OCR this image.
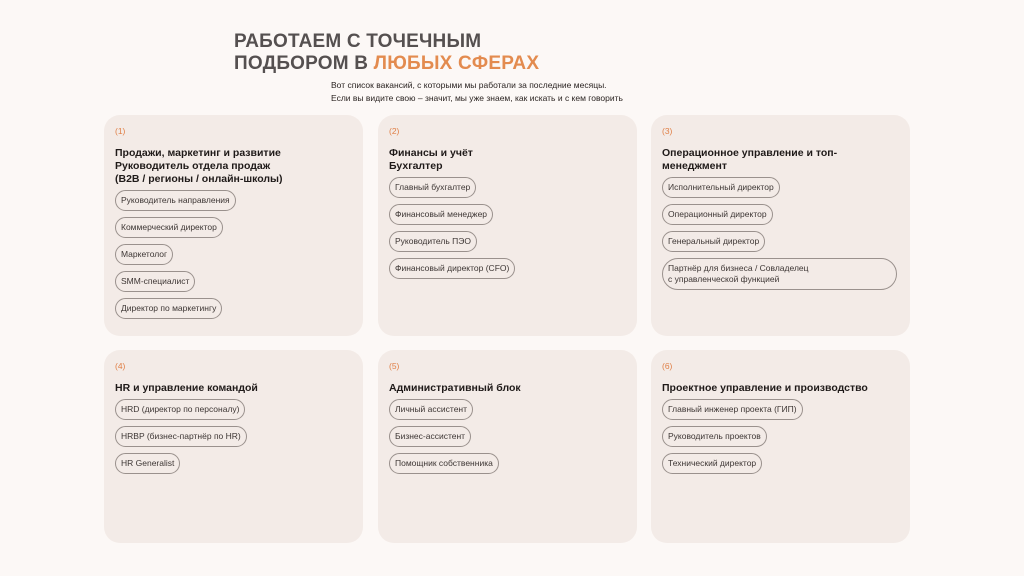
РАБОТАЕМ С ТОЧЕЧНЫМ
ПОДБОРОМ В ЛЮБЫХ СФЕРАХ
Вот список вакансий, с которыми мы работали за последние месяцы.
Если вы видите свою – значит, мы уже знаем, как искать и с кем говорить
(1)
Продажи, маркетинг и развитие
Руководитель отдела продаж
(B2B / регионы / онлайн-школы)
Руководитель направления
Коммерческий директор
Маркетолог
SMM-специалист
Директор по маркетингу
(2)
Финансы и учёт
Бухгалтер
Главный бухгалтер
Финансовый менеджер
Руководитель ПЭО
Финансовый директор (CFO)
(3)
Операционное управление и топ-
менеджмент
Исполнительный директор
Операционный директор
Генеральный директор
Партнёр для бизнеса / Совладелец
с управленческой функцией
(4)
HR и управление командой
HRD (директор по персоналу)
HRBP (бизнес-партнёр по HR)
HR Generalist
(5)
Административный блок
Личный ассистент
Бизнес-ассистент
Помощник собственника
(6)
Проектное управление и производство
Главный инженер проекта (ГИП)
Руководитель проектов
Технический директор
